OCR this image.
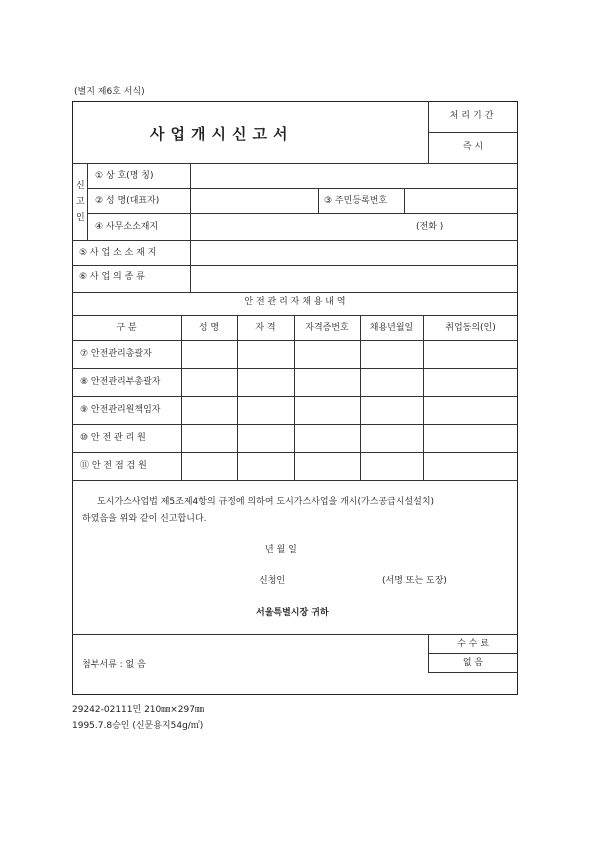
(별지 제6호 서식)
사업개시신고서
처리기간
즉 시
신
고
인
① 상 호(명 칭)
② 성 명(대표자)	③ 주민등록번호
④ 사무소소재지	(전화 )
⑤ 사 업 소 소 재 지
⑥ 사 업 의 종 류
안 전 관 리 자 채 용 내 역
구 분	성 명	자 격	자격증번호	채용년월일	취업동의(인)
⑦ 안전관리총괄자
⑧ 안전관리부총괄자
⑨ 안전관리원책임자
⑩ 안 전 관 리 원
⑪ 안 전 점 검 원
도시가스사업법 제5조제4항의 규정에 의하여 도시가스사업을 개시(가스공급시설설치)
하였음을 위와 같이 신고합니다.
년 월 일
신청인	(서명 또는 도장)
서울특별시장 귀하
첨부서류 : 없 음
수 수 료
없 음
29242-02111민 210㎜×297㎜
1995.7.8승인 (신문용지54g/㎡)
